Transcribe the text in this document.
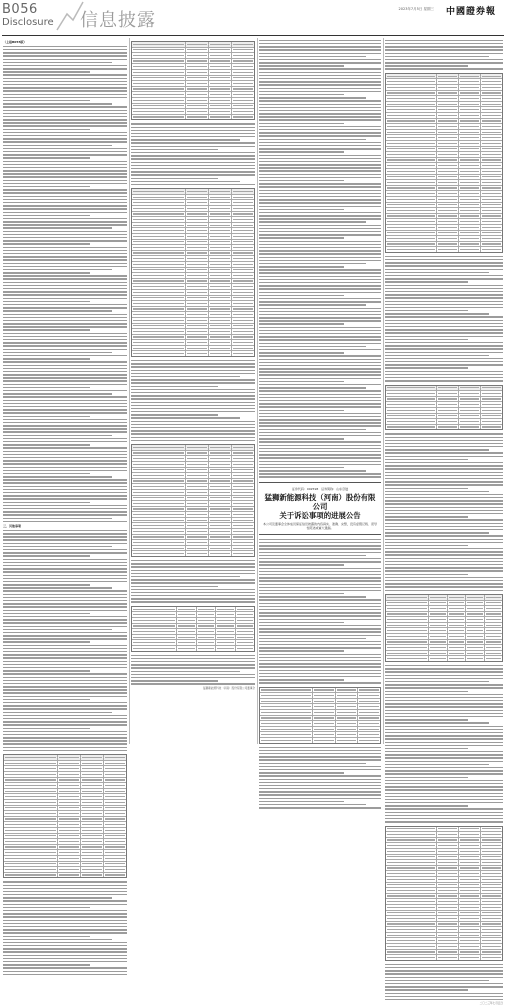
B056
Disclosure 信息披露
2023年7月5日 星期三 中國證券報
（上接B055版）
三、其他事项
猛狮新能源科技（河南）股份有限公司董事会
证券代码：002598 证券简称：山东章鼓
猛狮新能源科技（河南）股份有限公司
关于诉讼事项的进展公告
本公司及董事会全体成员保证信息披露的内容真实、准确、完整，没有虚假记载、误导性陈述或重大遗漏。
二〇二三年七月五日
